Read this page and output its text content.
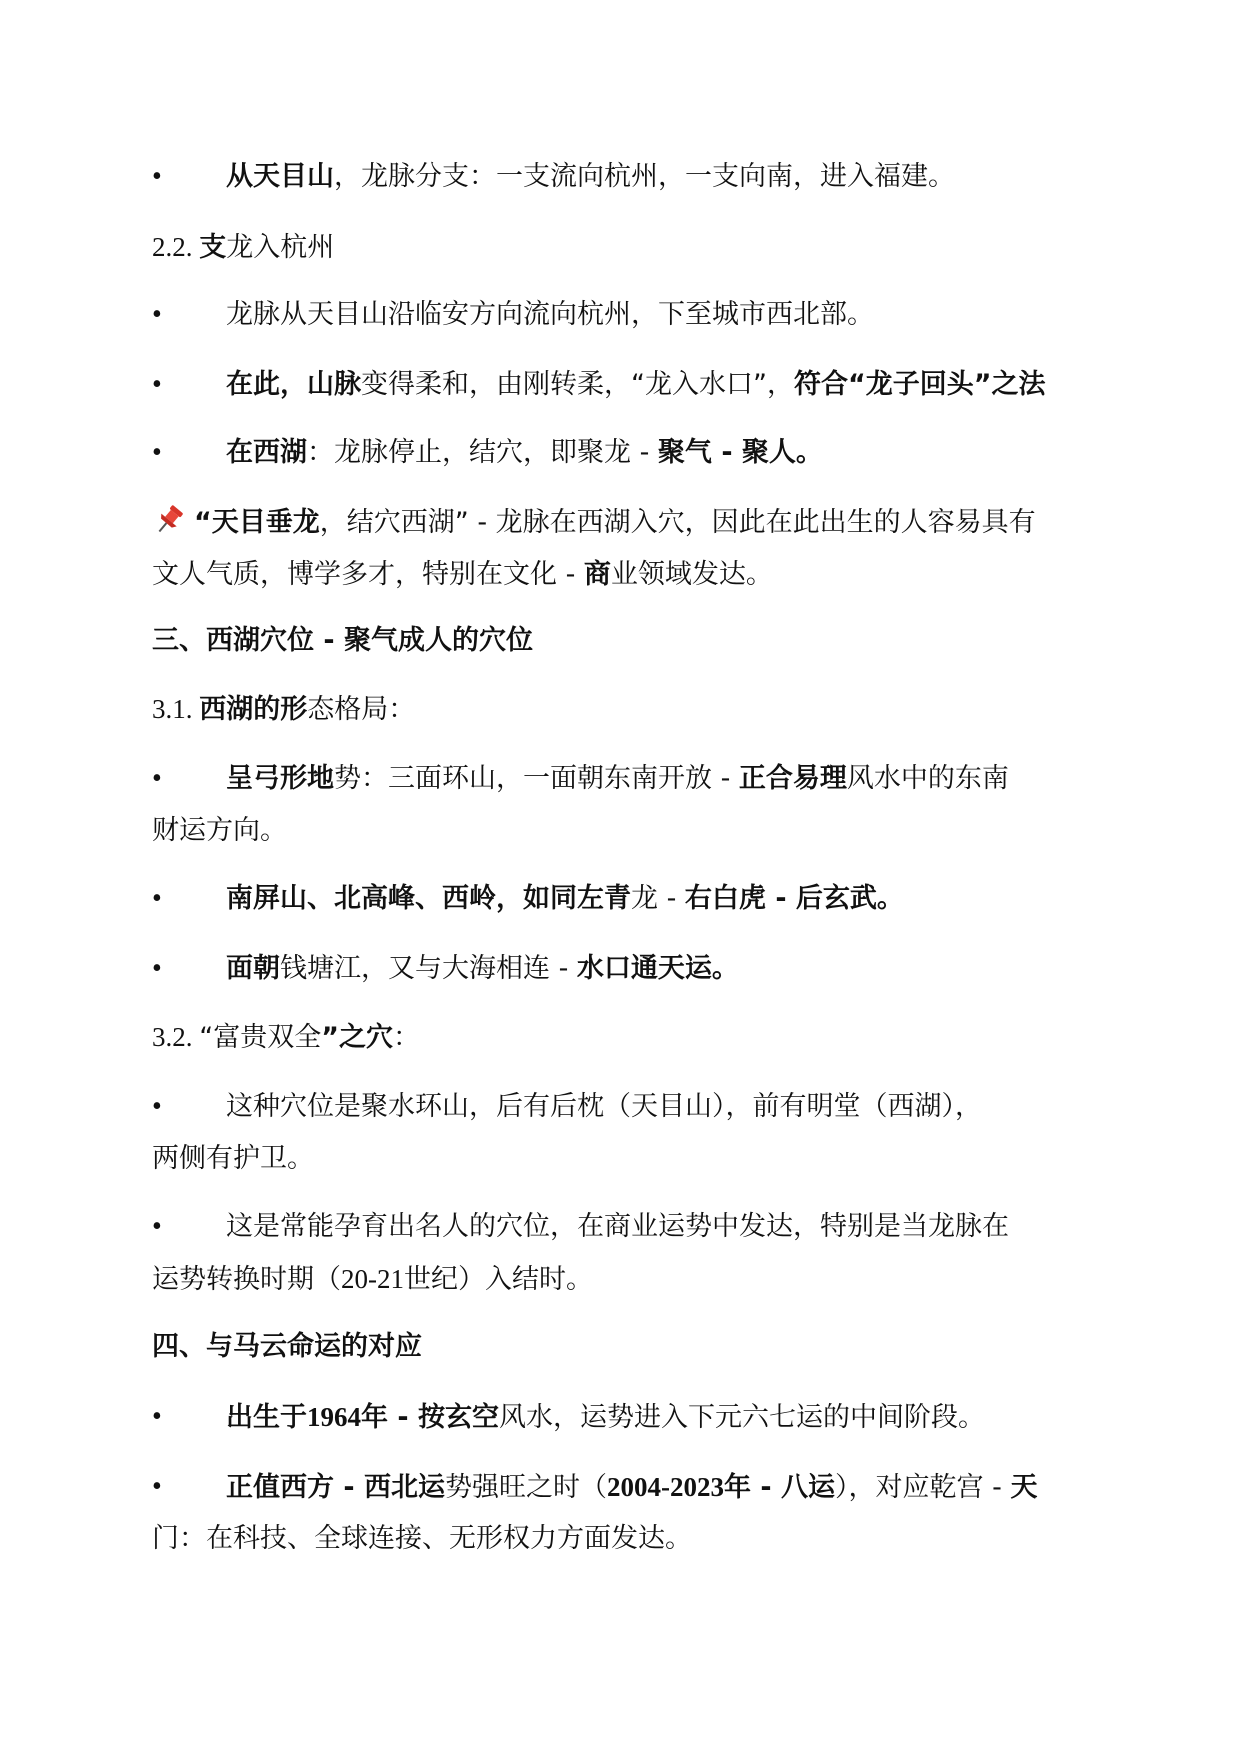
•	从天目山，龙脉分支：一支流向杭州，一支向南，进入福建。
2.2. 支龙入杭州
•	龙脉从天目山沿临安方向流向杭州，下至城市西北部。
•	在此，山脉变得柔和，由刚转柔，“龙入水口”，符合“龙子回头”之法
•	在西湖：龙脉停止，结穴，即聚龙 - 聚气 - 聚人。
“天目垂龙，结穴西湖” - 龙脉在西湖入穴，因此在此出生的人容易具有
文人气质，博学多才，特别在文化 - 商业领域发达。
三、西湖穴位 - 聚气成人的穴位
3.1. 西湖的形态格局：
•	呈弓形地势：三面环山，一面朝东南开放 - 正合易理风水中的东南
财运方向。
•	南屏山、北高峰、西岭，如同左青龙 - 右白虎 - 后玄武。
•	面朝钱塘江，又与大海相连 - 水口通天运。
3.2. “富贵双全”之穴：
•	这种穴位是聚水环山，后有后枕（天目山），前有明堂（西湖），
两侧有护卫。
•	这是常能孕育出名人的穴位，在商业运势中发达，特别是当龙脉在
运势转换时期（20-21世纪）入结时。
四、与马云命运的对应
•	出生于1964年 - 按玄空风水，运势进入下元六七运的中间阶段。
•	正值西方 - 西北运势强旺之时（2004-2023年 - 八运），对应乾宫 - 天
门：在科技、全球连接、无形权力方面发达。
